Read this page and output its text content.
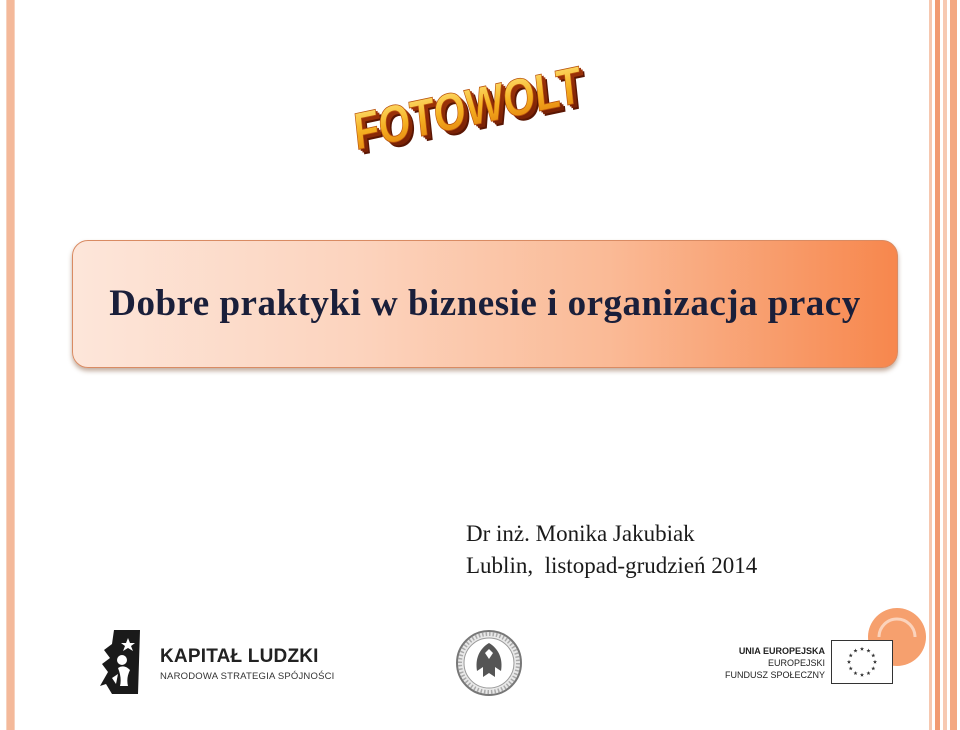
FOTOWOLT
FOTOWOLT
FOTOWOLT
FOTOWOLT
Dobre praktyki w biznesie i organizacja pracy
Dr inż. Monika Jakubiak
Lublin,  listopad-grudzień 2014
KAPITAŁ LUDZKI
NARODOWA STRATEGIA SPÓJNOŚCI
UNIA EUROPEJSKA
EUROPEJSKI
FUNDUSZ SPOŁECZNY
